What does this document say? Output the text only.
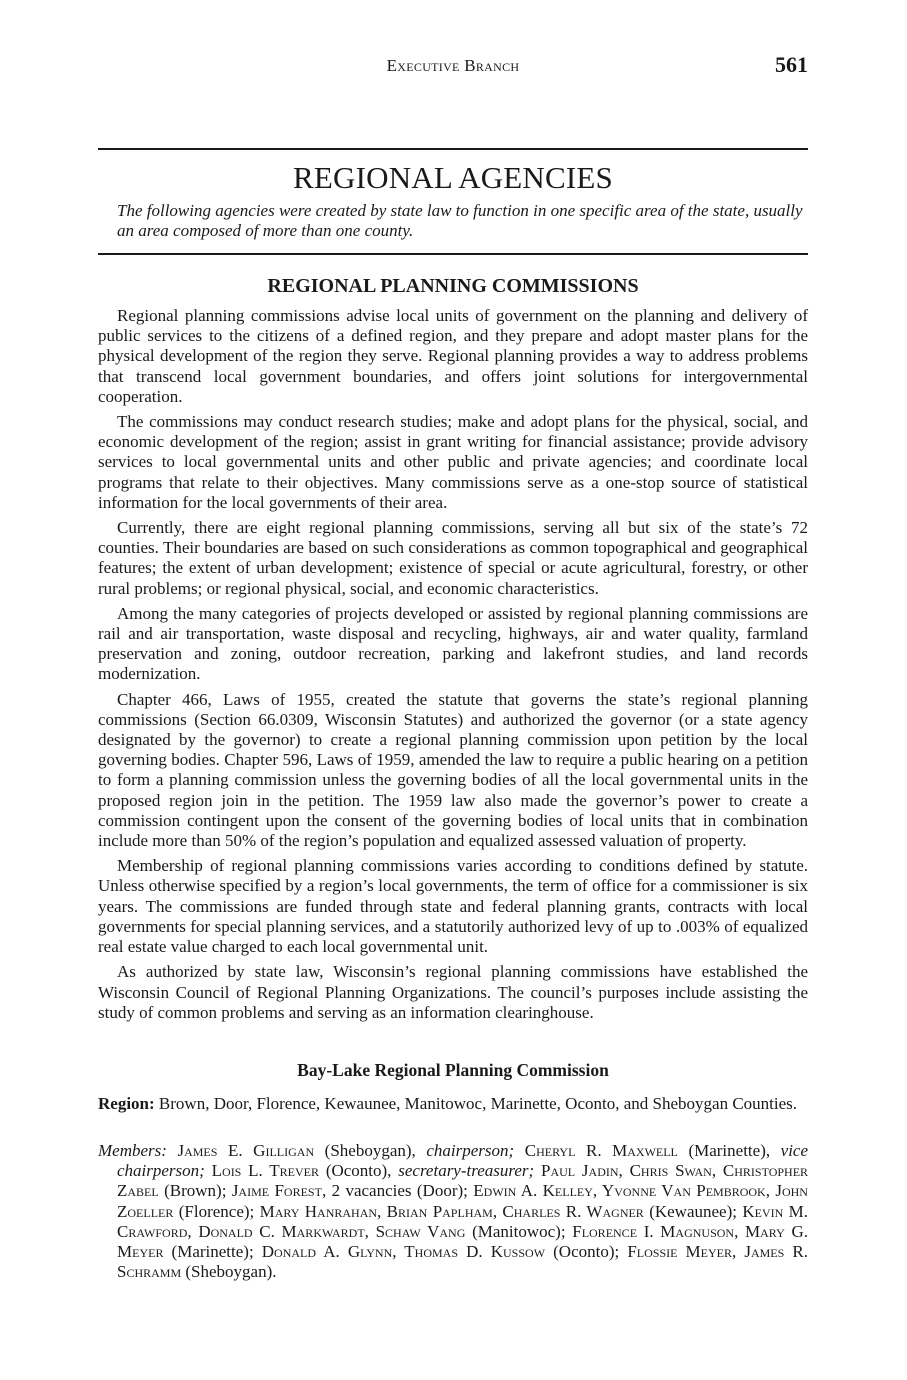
Executive Branch	561
REGIONAL AGENCIES
The following agencies were created by state law to function in one specific area of the state, usually an area composed of more than one county.
REGIONAL PLANNING COMMISSIONS

Regional planning commissions advise local units of government on the planning and delivery of public services to the citizens of a defined region, and they prepare and adopt master plans for the physical development of the region they serve. Regional planning provides a way to address problems that transcend local government boundaries, and offers joint solutions for intergovernmental cooperation.

The commissions may conduct research studies; make and adopt plans for the physical, social, and economic development of the region; assist in grant writing for financial assistance; provide advisory services to local governmental units and other public and private agencies; and coordinate local programs that relate to their objectives. Many commissions serve as a one-stop source of statistical information for the local governments of their area.

Currently, there are eight regional planning commissions, serving all but six of the state’s 72 counties. Their boundaries are based on such considerations as common topographical and geographical features; the extent of urban development; existence of special or acute agricultural, forestry, or other rural problems; or regional physical, social, and economic characteristics.

Among the many categories of projects developed or assisted by regional planning commissions are rail and air transportation, waste disposal and recycling, highways, air and water quality, farmland preservation and zoning, outdoor recreation, parking and lakefront studies, and land records modernization.

Chapter 466, Laws of 1955, created the statute that governs the state’s regional planning commissions (Section 66.0309, Wisconsin Statutes) and authorized the governor (or a state agency designated by the governor) to create a regional planning commission upon petition by the local governing bodies. Chapter 596, Laws of 1959, amended the law to require a public hearing on a petition to form a planning commission unless the governing bodies of all the local governmental units in the proposed region join in the petition. The 1959 law also made the governor’s power to create a commission contingent upon the consent of the governing bodies of local units that in combination include more than 50% of the region’s population and equalized assessed valuation of property.

Membership of regional planning commissions varies according to conditions defined by statute. Unless otherwise specified by a region’s local governments, the term of office for a commissioner is six years. The commissions are funded through state and federal planning grants, contracts with local governments for special planning services, and a statutorily authorized levy of up to .003% of equalized real estate value charged to each local governmental unit.

As authorized by state law, Wisconsin’s regional planning commissions have established the Wisconsin Council of Regional Planning Organizations. The council’s purposes include assisting the study of common problems and serving as an information clearinghouse.

Bay-Lake Regional Planning Commission
Region: Brown, Door, Florence, Kewaunee, Manitowoc, Marinette, Oconto, and Sheboygan Counties.
Members: James E. Gilligan (Sheboygan), chairperson; Cheryl R. Maxwell (Marinette), vice chairperson; Lois L. Trever (Oconto), secretary-treasurer; Paul Jadin, Chris Swan, Christopher Zabel (Brown); Jaime Forest, 2 vacancies (Door); Edwin A. Kelley, Yvonne Van Pembrook, John Zoeller (Florence); Mary Hanrahan, Brian Paplham, Charles R. Wagner (Kewaunee); Kevin M. Crawford, Donald C. Markwardt, Schaw Vang (Manitowoc); Florence I. Magnuson, Mary G. Meyer (Marinette); Donald A. Glynn, Thomas D. Kussow (Oconto); Flossie Meyer, James R. Schramm (Sheboygan).
